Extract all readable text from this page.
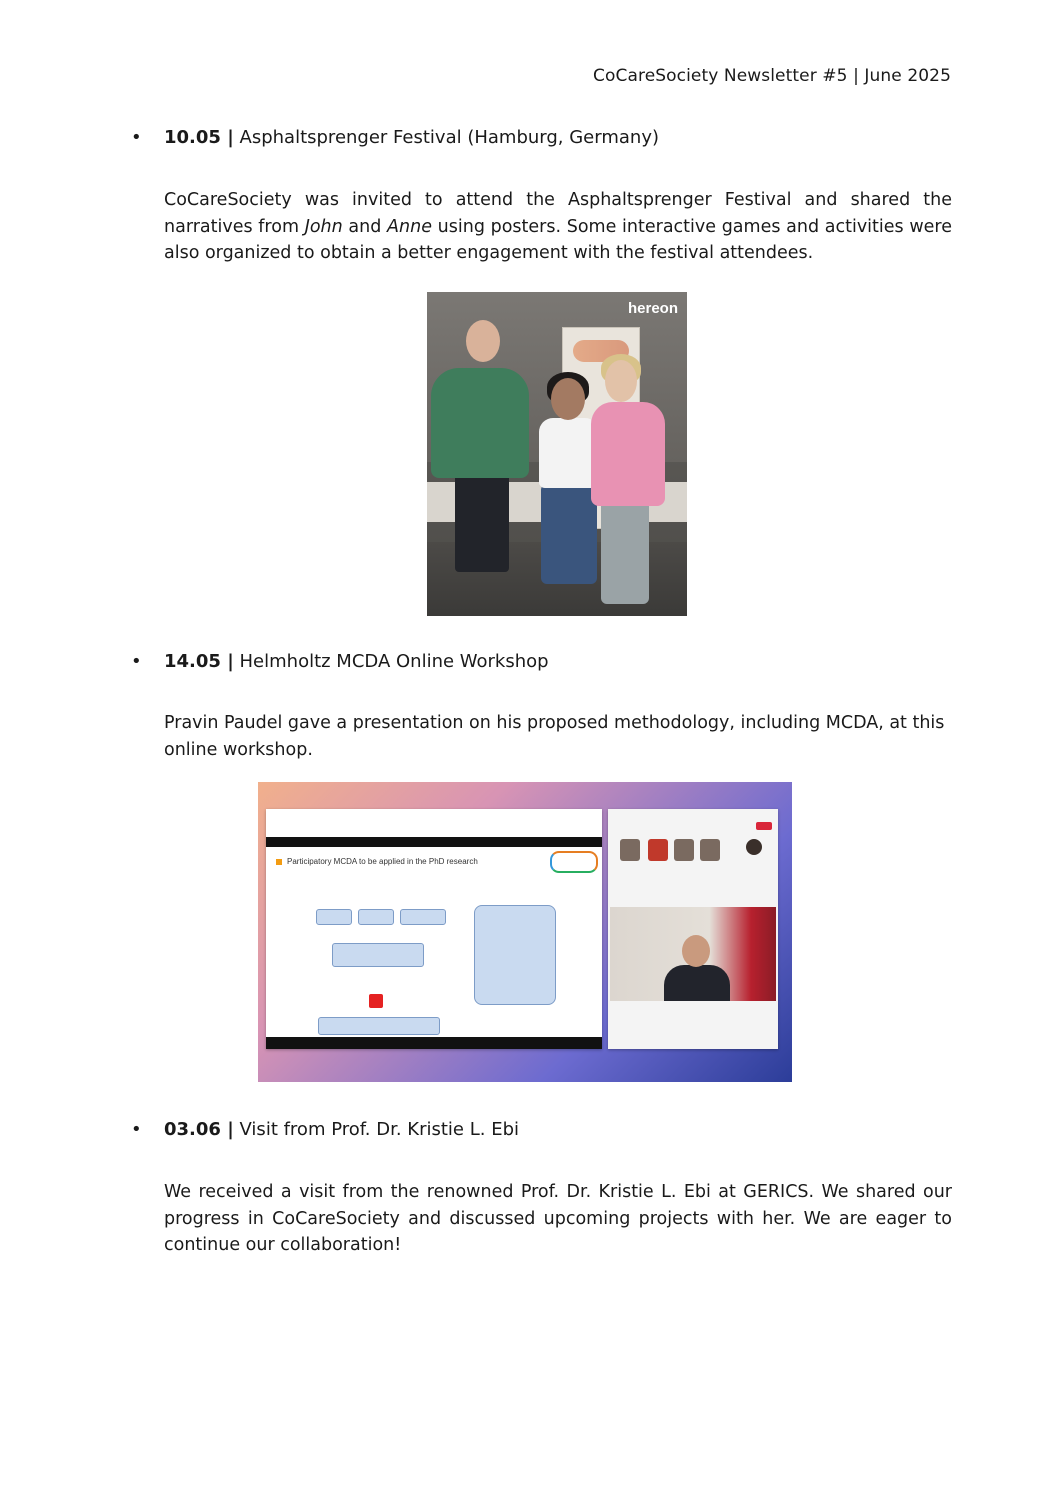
CoCareSociety Newsletter #5 | June 2025
• 10.05 | Asphaltsprenger Festival (Hamburg, Germany)
CoCareSociety was invited to attend the Asphaltsprenger Festival and shared the narratives from John and Anne using posters. Some interactive games and activities were also organized to obtain a better engagement with the festival attendees.
hereon
• 14.05 | Helmholtz MCDA Online Workshop
Pravin Paudel gave a presentation on his proposed methodology, including MCDA, at this online workshop.
Participatory MCDA to be applied in the PhD research
• 03.06 | Visit from Prof. Dr. Kristie L. Ebi
We received a visit from the renowned Prof. Dr. Kristie L. Ebi at GERICS. We shared our progress in CoCareSociety and discussed upcoming projects with her. We are eager to continue our collaboration!
